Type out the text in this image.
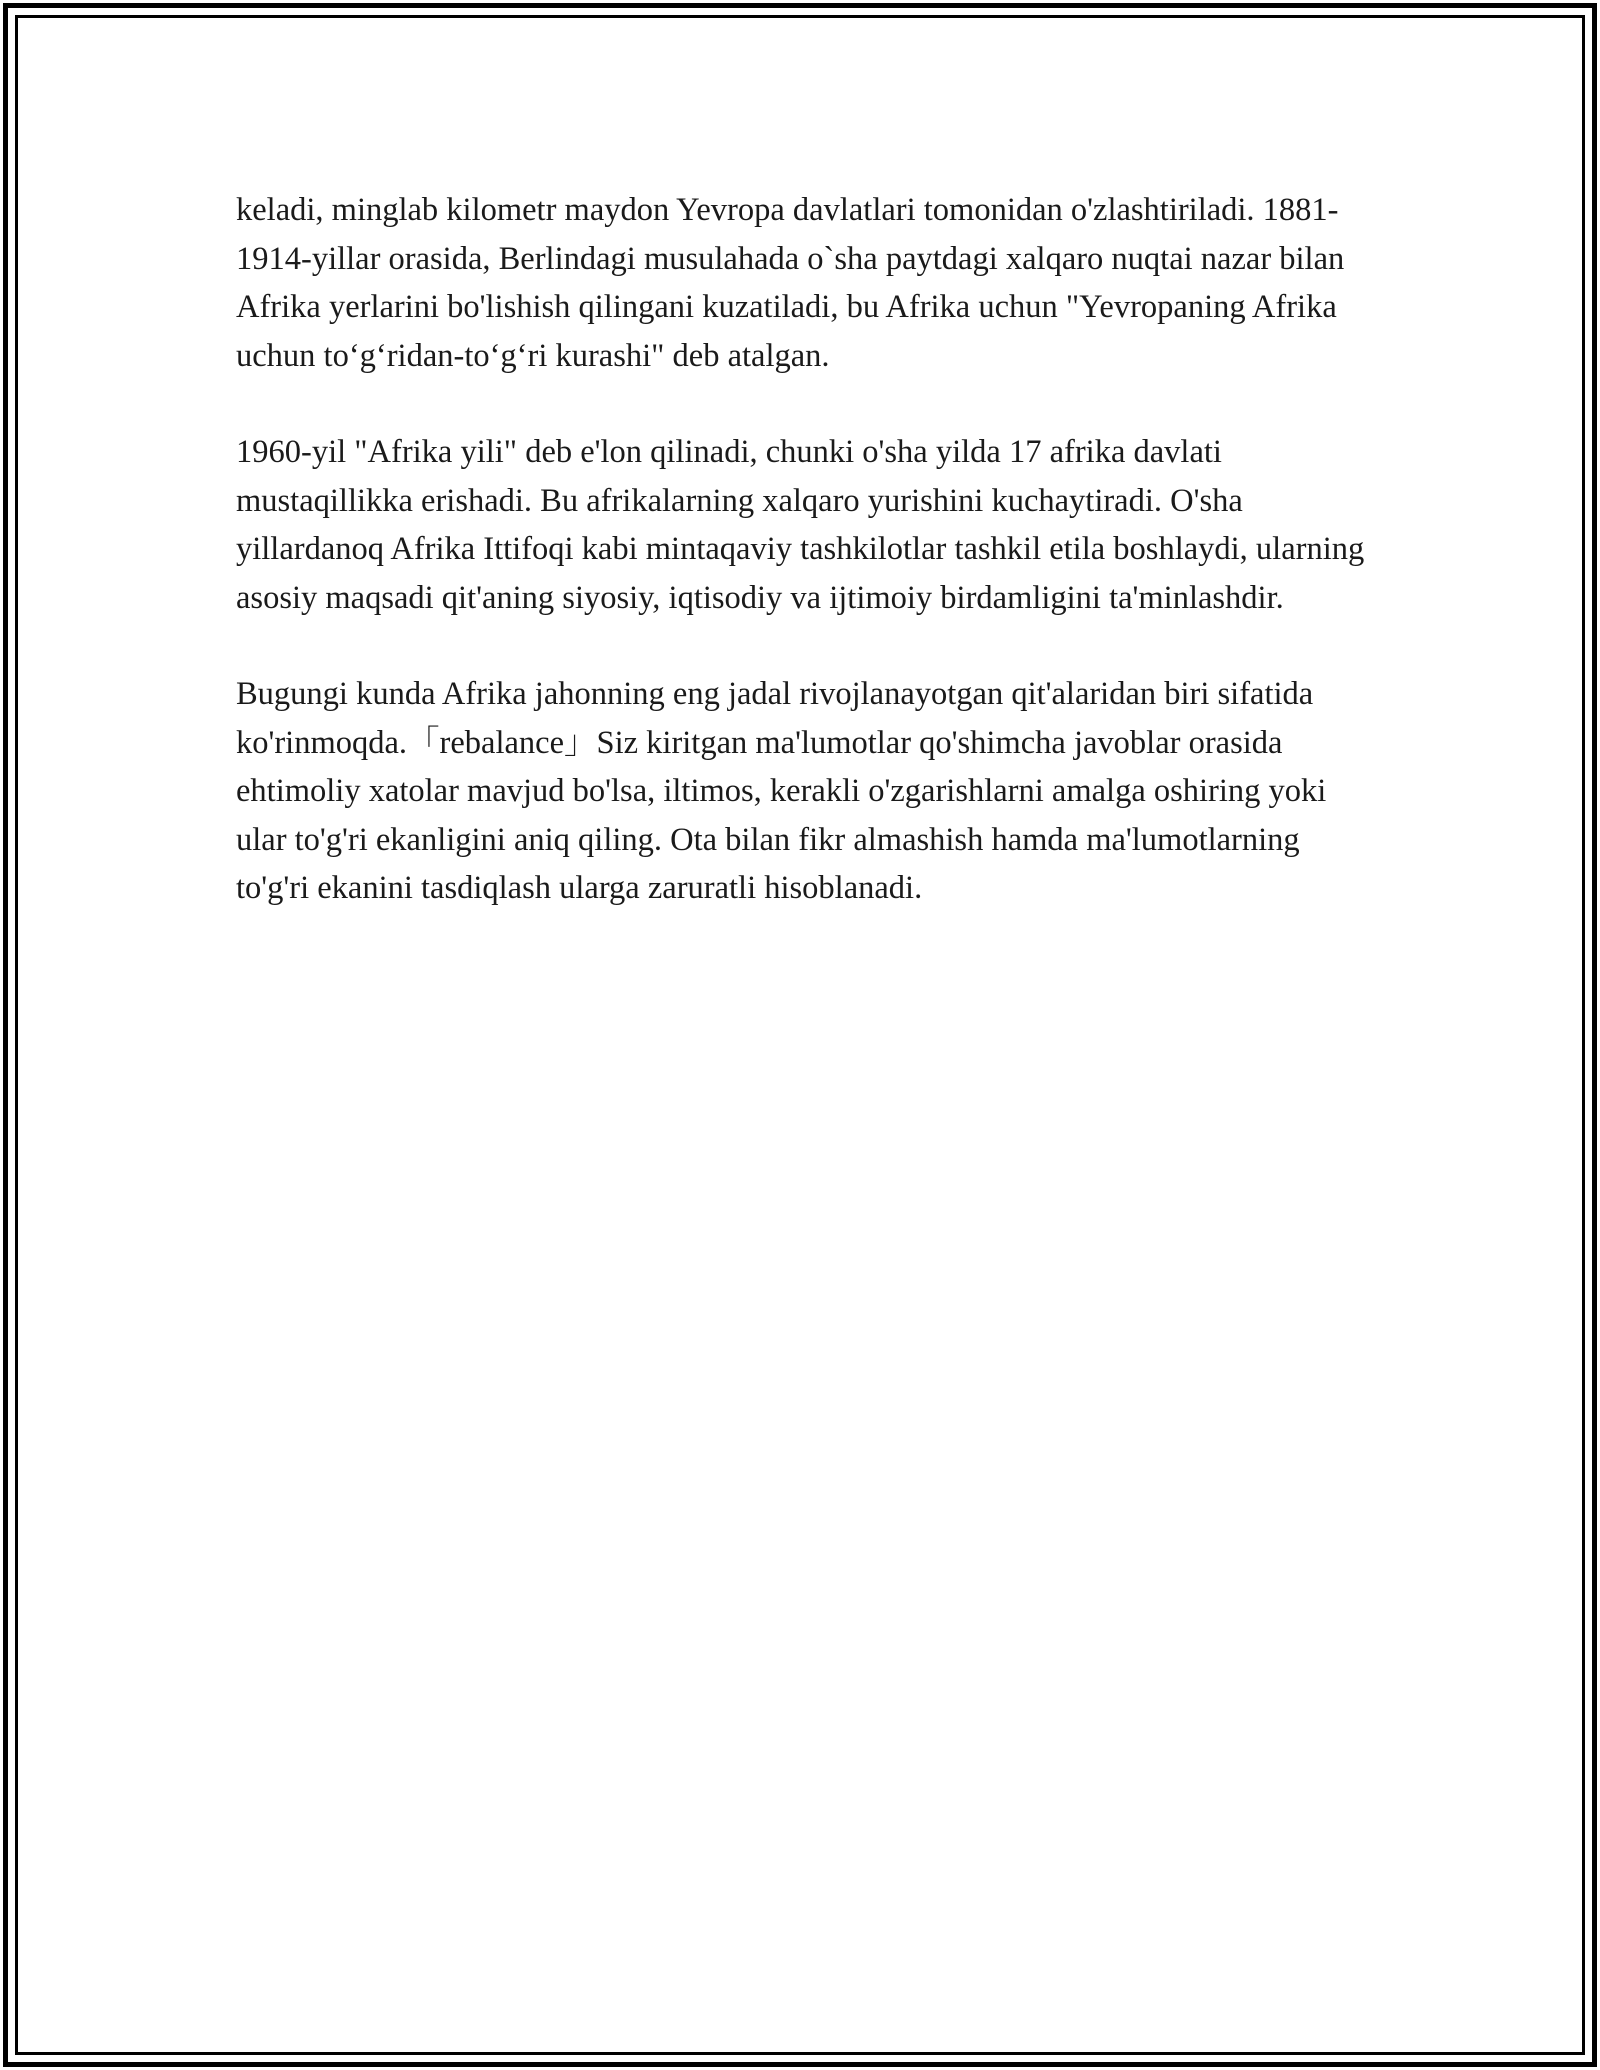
keladi, minglab kilometr maydon Yevropa davlatlari tomonidan o'zlashtiriladi. 1881-1914-yillar orasida, Berlindagi musulahada o`sha paytdagi xalqaro nuqtai nazar bilan Afrika yerlarini bo'lishish qilingani kuzatiladi, bu Afrika uchun "Yevropaning Afrika uchun to‘g‘ridan-to‘g‘ri kurashi" deb atalgan.

1960-yil "Afrika yili" deb e'lon qilinadi, chunki o'sha yilda 17 afrika davlati mustaqillikka erishadi. Bu afrikalarning xalqaro yurishini kuchaytiradi. O'sha yillardanoq Afrika Ittifoqi kabi mintaqaviy tashkilotlar tashkil etila boshlaydi, ularning asosiy maqsadi qit'aning siyosiy, iqtisodiy va ijtimoiy birdamligini ta'minlashdir.

Bugungi kunda Afrika jahonning eng jadal rivojlanayotgan qit'alaridan biri sifatida ko'rinmoqda.「rebalance」Siz kiritgan ma'lumotlar qo'shimcha javoblar orasida ehtimoliy xatolar mavjud bo'lsa, iltimos, kerakli o'zgarishlarni amalga oshiring yoki ular to'g'ri ekanligini aniq qiling. Ota bilan fikr almashish hamda ma'lumotlarning to'g'ri ekanini tasdiqlash ularga zaruratli hisoblanadi.
